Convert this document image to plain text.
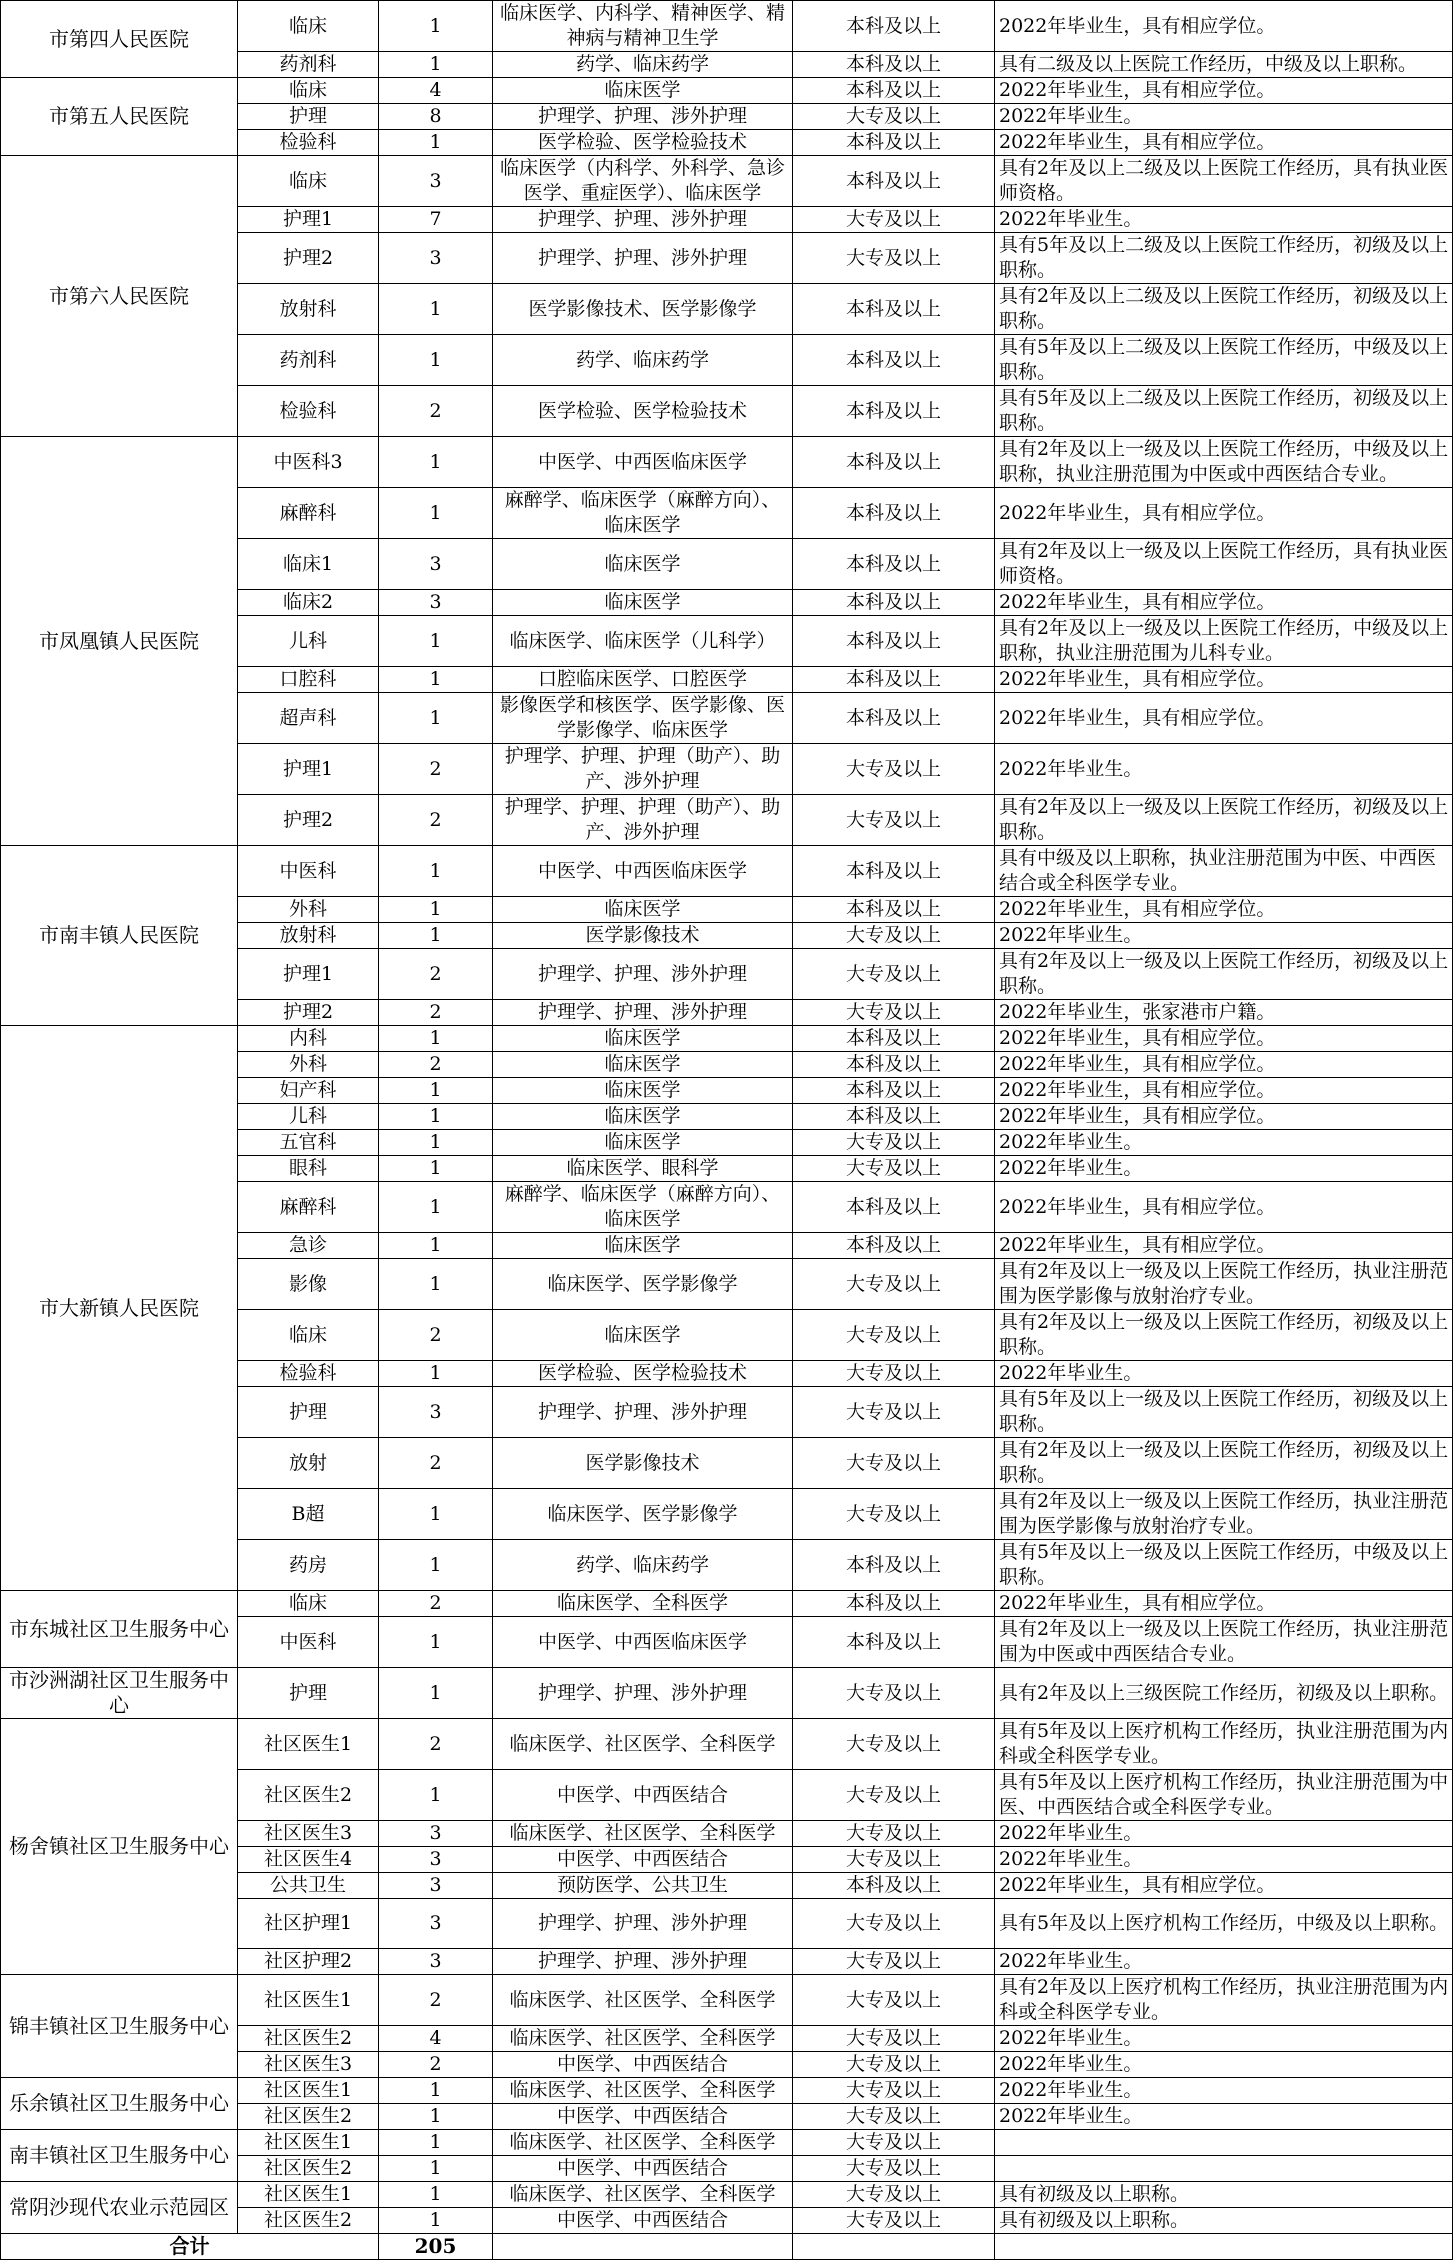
市第四人民医院	临床	1	临床医学、内科学、精神医学、精神病与精神卫生学	本科及以上	2022年毕业生，具有相应学位。
	药剂科	1	药学、临床药学	本科及以上	具有二级及以上医院工作经历，中级及以上职称。
市第五人民医院	临床	4	临床医学	本科及以上	2022年毕业生，具有相应学位。
	护理	8	护理学、护理、涉外护理	大专及以上	2022年毕业生。
	检验科	1	医学检验、医学检验技术	本科及以上	2022年毕业生，具有相应学位。
市第六人民医院	临床	3	临床医学（内科学、外科学、急诊医学、重症医学）、临床医学	本科及以上	具有2年及以上二级及以上医院工作经历，具有执业医师资格。
	护理1	7	护理学、护理、涉外护理	大专及以上	2022年毕业生。
	护理2	3	护理学、护理、涉外护理	大专及以上	具有5年及以上二级及以上医院工作经历，初级及以上职称。
	放射科	1	医学影像技术、医学影像学	本科及以上	具有2年及以上二级及以上医院工作经历，初级及以上职称。
	药剂科	1	药学、临床药学	本科及以上	具有5年及以上二级及以上医院工作经历，中级及以上职称。
	检验科	2	医学检验、医学检验技术	本科及以上	具有5年及以上二级及以上医院工作经历，初级及以上职称。
市凤凰镇人民医院	中医科3	1	中医学、中西医临床医学	本科及以上	具有2年及以上一级及以上医院工作经历，中级及以上职称，执业注册范围为中医或中西医结合专业。
	麻醉科	1	麻醉学、临床医学（麻醉方向）、临床医学	本科及以上	2022年毕业生，具有相应学位。
	临床1	3	临床医学	本科及以上	具有2年及以上一级及以上医院工作经历，具有执业医师资格。
	临床2	3	临床医学	本科及以上	2022年毕业生，具有相应学位。
	儿科	1	临床医学、临床医学（儿科学）	本科及以上	具有2年及以上一级及以上医院工作经历，中级及以上职称，执业注册范围为儿科专业。
	口腔科	1	口腔临床医学、口腔医学	本科及以上	2022年毕业生，具有相应学位。
	超声科	1	影像医学和核医学、医学影像、医学影像学、临床医学	本科及以上	2022年毕业生，具有相应学位。
	护理1	2	护理学、护理、护理（助产）、助产、涉外护理	大专及以上	2022年毕业生。
	护理2	2	护理学、护理、护理（助产）、助产、涉外护理	大专及以上	具有2年及以上一级及以上医院工作经历，初级及以上职称。
市南丰镇人民医院	中医科	1	中医学、中西医临床医学	本科及以上	具有中级及以上职称，执业注册范围为中医、中西医结合或全科医学专业。
	外科	1	临床医学	本科及以上	2022年毕业生，具有相应学位。
	放射科	1	医学影像技术	大专及以上	2022年毕业生。
	护理1	2	护理学、护理、涉外护理	大专及以上	具有2年及以上一级及以上医院工作经历，初级及以上职称。
	护理2	2	护理学、护理、涉外护理	大专及以上	2022年毕业生，张家港市户籍。
市大新镇人民医院	内科	1	临床医学	本科及以上	2022年毕业生，具有相应学位。
	外科	2	临床医学	本科及以上	2022年毕业生，具有相应学位。
	妇产科	1	临床医学	本科及以上	2022年毕业生，具有相应学位。
	儿科	1	临床医学	本科及以上	2022年毕业生，具有相应学位。
	五官科	1	临床医学	大专及以上	2022年毕业生。
	眼科	1	临床医学、眼科学	大专及以上	2022年毕业生。
	麻醉科	1	麻醉学、临床医学（麻醉方向）、临床医学	本科及以上	2022年毕业生，具有相应学位。
	急诊	1	临床医学	本科及以上	2022年毕业生，具有相应学位。
	影像	1	临床医学、医学影像学	大专及以上	具有2年及以上一级及以上医院工作经历，执业注册范围为医学影像与放射治疗专业。
	临床	2	临床医学	大专及以上	具有2年及以上一级及以上医院工作经历，初级及以上职称。
	检验科	1	医学检验、医学检验技术	大专及以上	2022年毕业生。
	护理	3	护理学、护理、涉外护理	大专及以上	具有5年及以上一级及以上医院工作经历，初级及以上职称。
	放射	2	医学影像技术	大专及以上	具有2年及以上一级及以上医院工作经历，初级及以上职称。
	B超	1	临床医学、医学影像学	大专及以上	具有2年及以上一级及以上医院工作经历，执业注册范围为医学影像与放射治疗专业。
	药房	1	药学、临床药学	本科及以上	具有5年及以上一级及以上医院工作经历，中级及以上职称。
市东城社区卫生服务中心	临床	2	临床医学、全科医学	本科及以上	2022年毕业生，具有相应学位。
	中医科	1	中医学、中西医临床医学	本科及以上	具有2年及以上一级及以上医院工作经历，执业注册范围为中医或中西医结合专业。
市沙洲湖社区卫生服务中心	护理	1	护理学、护理、涉外护理	大专及以上	具有2年及以上三级医院工作经历，初级及以上职称。
杨舍镇社区卫生服务中心	社区医生1	2	临床医学、社区医学、全科医学	大专及以上	具有5年及以上医疗机构工作经历，执业注册范围为内科或全科医学专业。
	社区医生2	1	中医学、中西医结合	大专及以上	具有5年及以上医疗机构工作经历，执业注册范围为中医、中西医结合或全科医学专业。
	社区医生3	3	临床医学、社区医学、全科医学	大专及以上	2022年毕业生。
	社区医生4	3	中医学、中西医结合	大专及以上	2022年毕业生。
	公共卫生	3	预防医学、公共卫生	本科及以上	2022年毕业生，具有相应学位。
	社区护理1	3	护理学、护理、涉外护理	大专及以上	具有5年及以上医疗机构工作经历，中级及以上职称。
	社区护理2	3	护理学、护理、涉外护理	大专及以上	2022年毕业生。
锦丰镇社区卫生服务中心	社区医生1	2	临床医学、社区医学、全科医学	大专及以上	具有2年及以上医疗机构工作经历，执业注册范围为内科或全科医学专业。
	社区医生2	4	临床医学、社区医学、全科医学	大专及以上	2022年毕业生。
	社区医生3	2	中医学、中西医结合	大专及以上	2022年毕业生。
乐余镇社区卫生服务中心	社区医生1	1	临床医学、社区医学、全科医学	大专及以上	2022年毕业生。
	社区医生2	1	中医学、中西医结合	大专及以上	2022年毕业生。
南丰镇社区卫生服务中心	社区医生1	1	临床医学、社区医学、全科医学	大专及以上	
	社区医生2	1	中医学、中西医结合	大专及以上	
常阴沙现代农业示范园区	社区医生1	1	临床医学、社区医学、全科医学	大专及以上	具有初级及以上职称。
	社区医生2	1	中医学、中西医结合	大专及以上	具有初级及以上职称。
合计		205			
